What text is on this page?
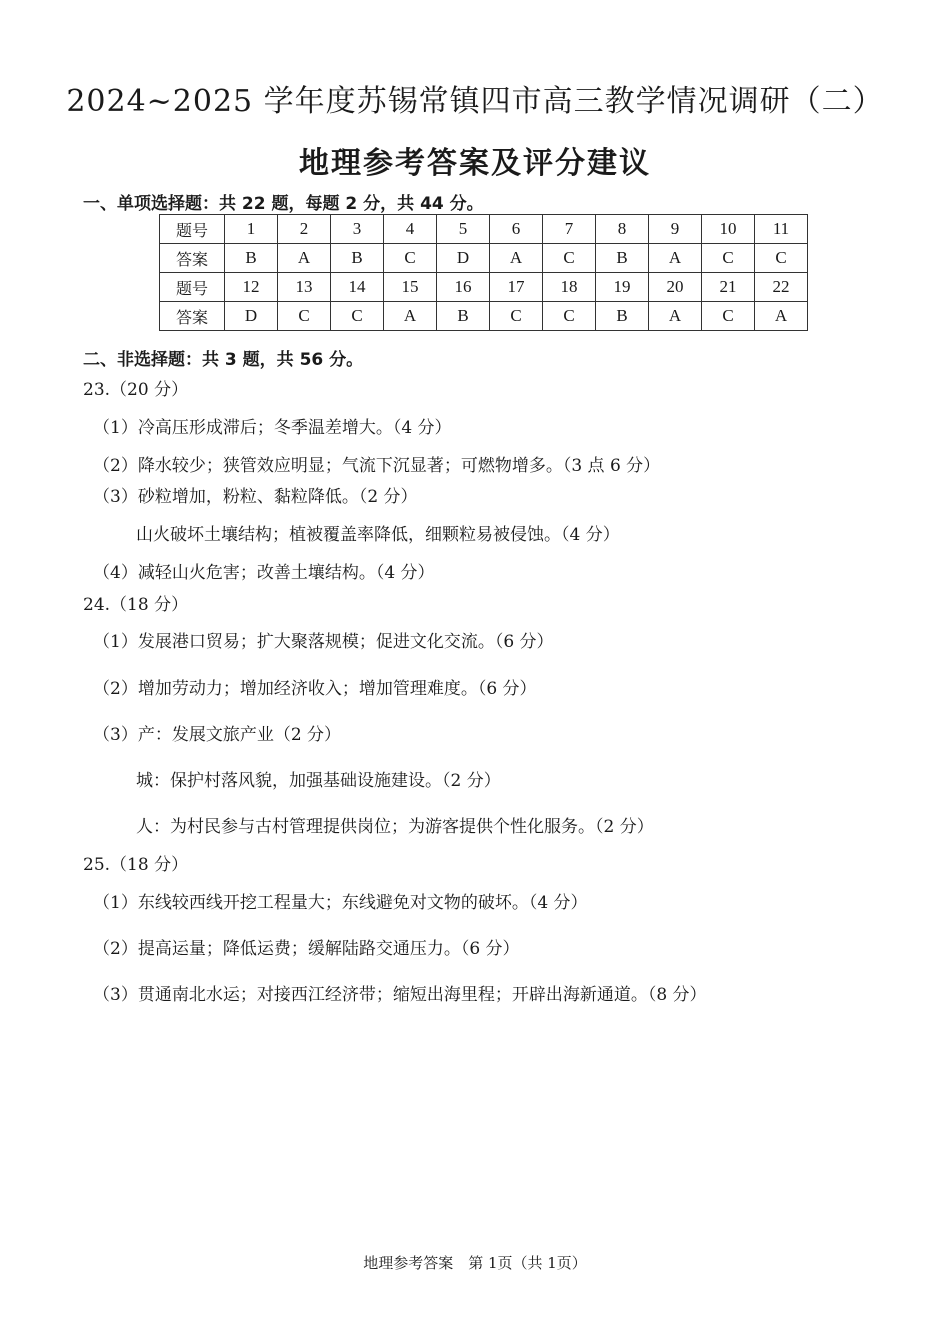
2024~2025 学年度苏锡常镇四市高三教学情况调研（二）
地理参考答案及评分建议
一、单项选择题：共 22 题，每题 2 分，共 44 分。
题号	1	2	3	4	5	6	7	8	9	10	11
答案	B	A	B	C	D	A	C	B	A	C	C
题号	12	13	14	15	16	17	18	19	20	21	22
答案	D	C	C	A	B	C	C	B	A	C	A
二、非选择题：共 3 题，共 56 分。
23.（20 分）
（1）冷高压形成滞后；冬季温差增大。（4 分）
（2）降水较少；狭管效应明显；气流下沉显著；可燃物增多。（3 点 6 分）
（3）砂粒增加，粉粒、黏粒降低。（2 分）
山火破坏土壤结构；植被覆盖率降低，细颗粒易被侵蚀。（4 分）
（4）减轻山火危害；改善土壤结构。（4 分）
24.（18 分）
（1）发展港口贸易；扩大聚落规模；促进文化交流。（6 分）
（2）增加劳动力；增加经济收入；增加管理难度。（6 分）
（3）产：发展文旅产业（2 分）
城：保护村落风貌，加强基础设施建设。（2 分）
人：为村民参与古村管理提供岗位；为游客提供个性化服务。（2 分）
25.（18 分）
（1）东线较西线开挖工程量大；东线避免对文物的破坏。（4 分）
（2）提高运量；降低运费；缓解陆路交通压力。（6 分）
（3）贯通南北水运；对接西江经济带；缩短出海里程；开辟出海新通道。（8 分）
地理参考答案　第 1页（共 1页）
